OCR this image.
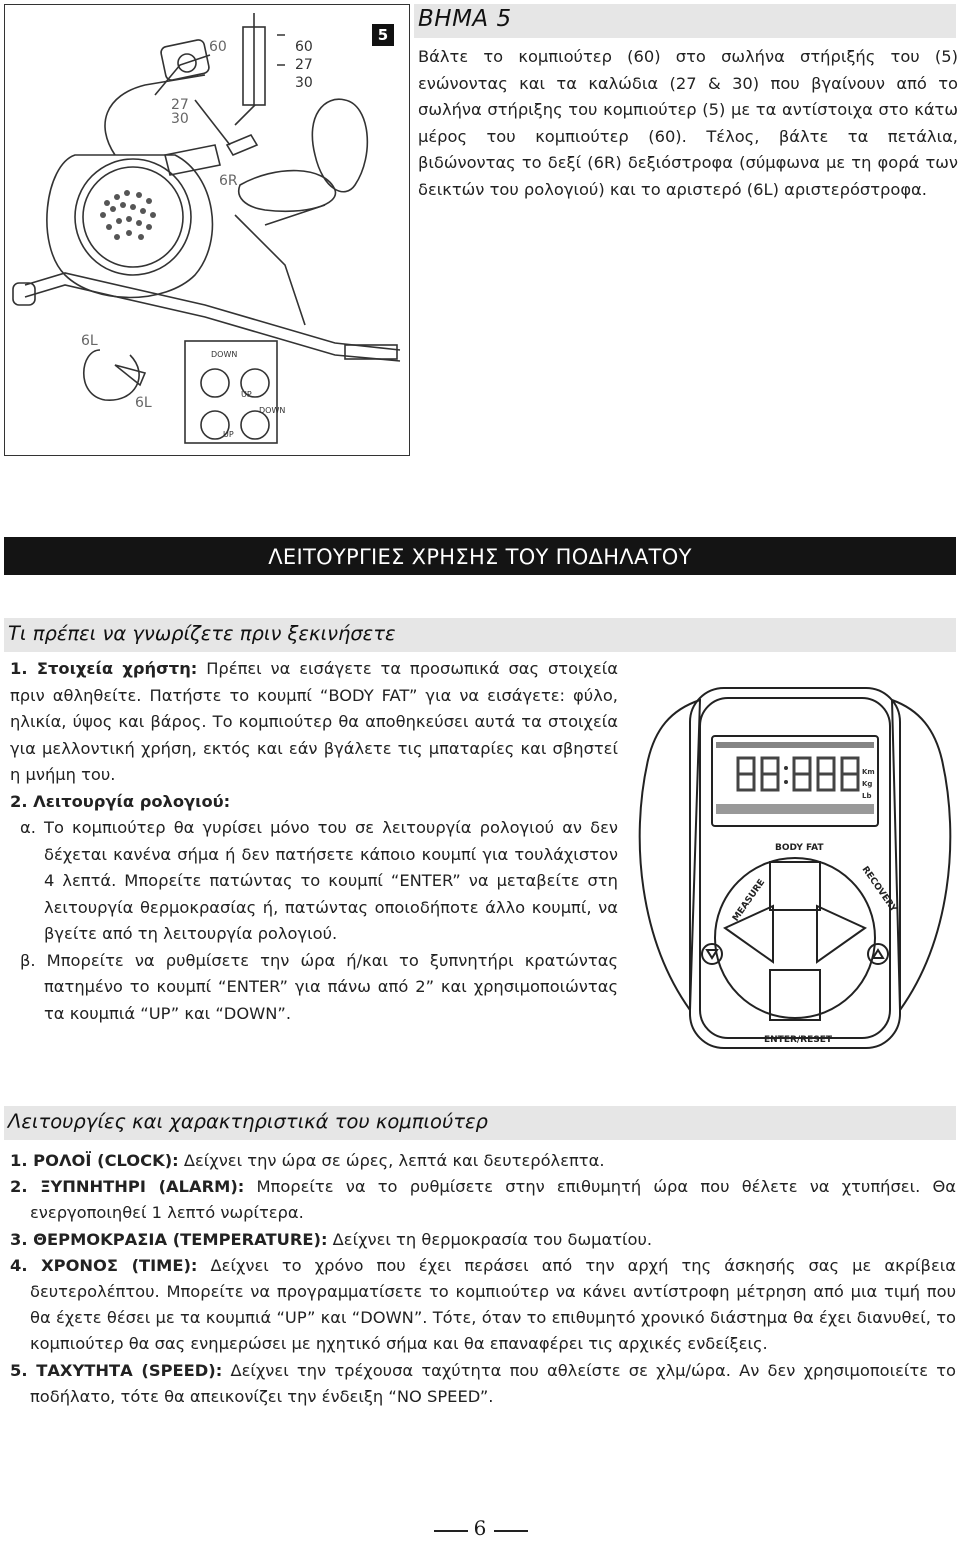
60	60
27
30
27
30
6R
6L
6L
DOWN
UP
DOWN
UP
5
ΒΗΜΑ 5

Βάλτε το κομπιούτερ (60) στο σωλήνα στήριξής του (5) ενώνοντας και τα καλώδια (27 & 30) που βγαίνουν από το σωλήνα στήριξης του κομπιούτερ (5) με τα αντίστοιχα στο κάτω μέρος του κομπιούτερ (60). Τέλος, βάλτε τα πετάλια, βιδώνοντας το δεξί (6R) δεξιόστροφα (σύμφωνα με τη φορά των δεικτών του ρολογιού) και το αριστερό (6L) αριστερόστροφα.

ΛΕΙΤΟΥΡΓΙΕΣ ΧΡΗΣΗΣ ΤΟΥ ΠΟΔΗΛΑΤΟΥ
Τι πρέπει να γνωρίζετε πριν ξεκινήσετε

1. Στοιχεία χρήστη: Πρέπει να εισάγετε τα προσωπικά σας στοιχεία πριν αθληθείτε. Πατήστε το κουμπί “BODY FAT” για να εισάγετε: φύλο, ηλικία, ύψος και βάρος. Το κομπιούτερ θα αποθηκεύσει αυτά τα στοιχεία για μελλοντική χρήση, εκτός και εάν βγάλετε τις μπαταρίες και σβηστεί η μνήμη του.

2. Λειτουργία ρολογιού:

α. Το κομπιούτερ θα γυρίσει μόνο του σε λειτουργία ρολογιού αν δεν δέχεται κανένα σήμα ή δεν πατήσετε κάποιο κουμπί για τουλάχιστον 4 λεπτά. Μπορείτε πατώντας το κουμπί “ENTER” να μεταβείτε στη λειτουργία θερμοκρασίας ή, πατώντας οποιοδήποτε άλλο κουμπί, να βγείτε από τη λειτουργία ρολογιού.

β. Μπορείτε να ρυθμίσετε την ώρα ή/και το ξυπνητήρι κρατώντας πατημένο το κουμπί “ENTER” για πάνω από 2” και χρησιμοποιώντας τα κουμπιά “UP” και “DOWN”.

Km
Kg
Lb
BODY FAT
MEASURE	RECOVERY
ENTER/RESET
Λειτουργίες και χαρακτηριστικά του κομπιούτερ

1. ΡΟΛΟΪ (CLOCK): Δείχνει την ώρα σε ώρες, λεπτά και δευτερόλεπτα.

2. ΞΥΠΝΗΤΗΡΙ (ALARM): Μπορείτε να το ρυθμίσετε στην επιθυμητή ώρα που θέλετε να χτυπήσει. Θα ενεργοποιηθεί 1 λεπτό νωρίτερα.

3. ΘΕΡΜΟΚΡΑΣΙΑ (TEMPERATURE): Δείχνει τη θερμοκρασία του δωματίου.

4. ΧΡΟΝΟΣ (TIME): Δείχνει το χρόνο που έχει περάσει από την αρχή της άσκησής σας με ακρίβεια δευτερολέπτου. Μπορείτε να προγραμματίσετε το κομπιούτερ να κάνει αντίστροφη μέτρηση από μια τιμή που θα έχετε θέσει με τα κουμπιά “UP” και “DOWN”. Τότε, όταν το επιθυμητό χρονικό διάστημα θα έχει διανυθεί, το κομπιούτερ θα σας ενημερώσει με ηχητικό σήμα και θα επαναφέρει τις αρχικές ενδείξεις.

5. ΤΑΧΥΤΗΤΑ (SPEED): Δείχνει την τρέχουσα ταχύτητα που αθλείστε σε χλμ/ώρα. Αν δεν χρησιμοποιείτε το ποδήλατο, τότε θα απεικονίζει την ένδειξη “NO SPEED”.

6
